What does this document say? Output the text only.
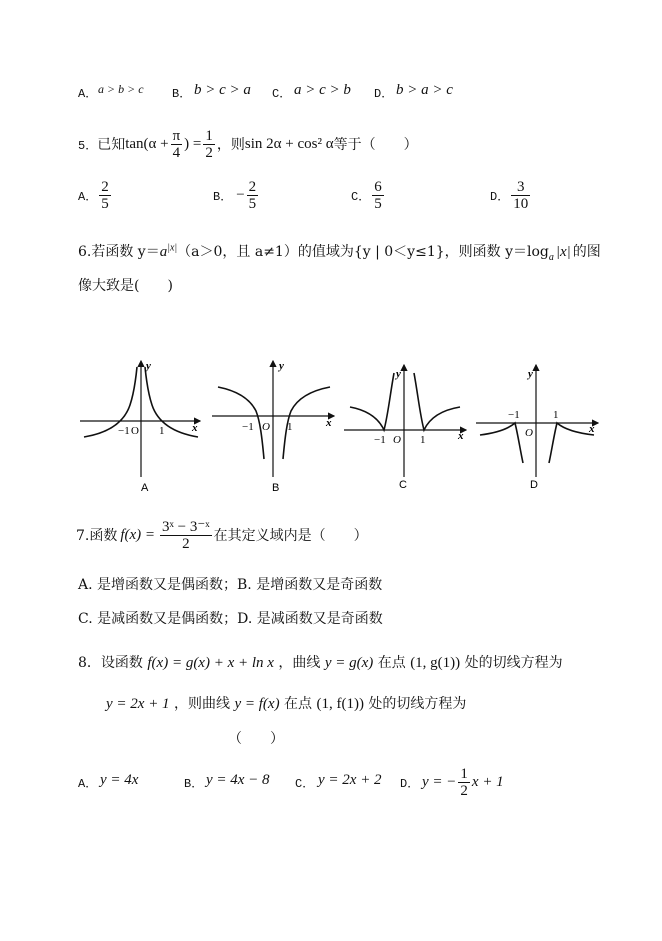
A． a > b > c B． b > c > a C． a > c > b D． b > a > c
5． 已知 $\tan(\alpha + \frac{\pi}{4}$ ) = $\frac{1}{2}$ ，则 sin 2α + cos² α 等于（　　）
A． $\frac{2}{5}$	B． − $\frac{2}{5}$	C． $\frac{6}{5}$	D． $\frac{3}{10}$
6.若函数 $y=a^{|x|}(a>0$，且 a≠1）的值域为{y | 0＜y≤1}，则函数 $y=\log_a$ |x| 的图
像大致是(　　)
y
x
−1 O 1
y
x
−1 O 1
y
x
−1 O 1
y
x
−1
O
1
A	B	C	D
7.函数 $f(x) = \frac{\text{3ˣ − 3⁻ˣ}}{2}$ 在其定义域内是（　　）
A. 是增函数又是偶函数；B. 是增函数又是奇函数
C. 是减函数又是偶函数；D. 是减函数又是奇函数
8．设函数 f(x) = g(x) + x + ln x ，曲线 y = g(x) 在点 (1, g(1)) 处的切线方程为
y = 2x + 1 ，则曲线 y = f(x) 在点 (1, f(1)) 处的切线方程为
（　　）
A． y = 4x	B． y = 4x − 8 C． y = 2x + 2 D． y = − $\frac{1}{2}$ x + 1
